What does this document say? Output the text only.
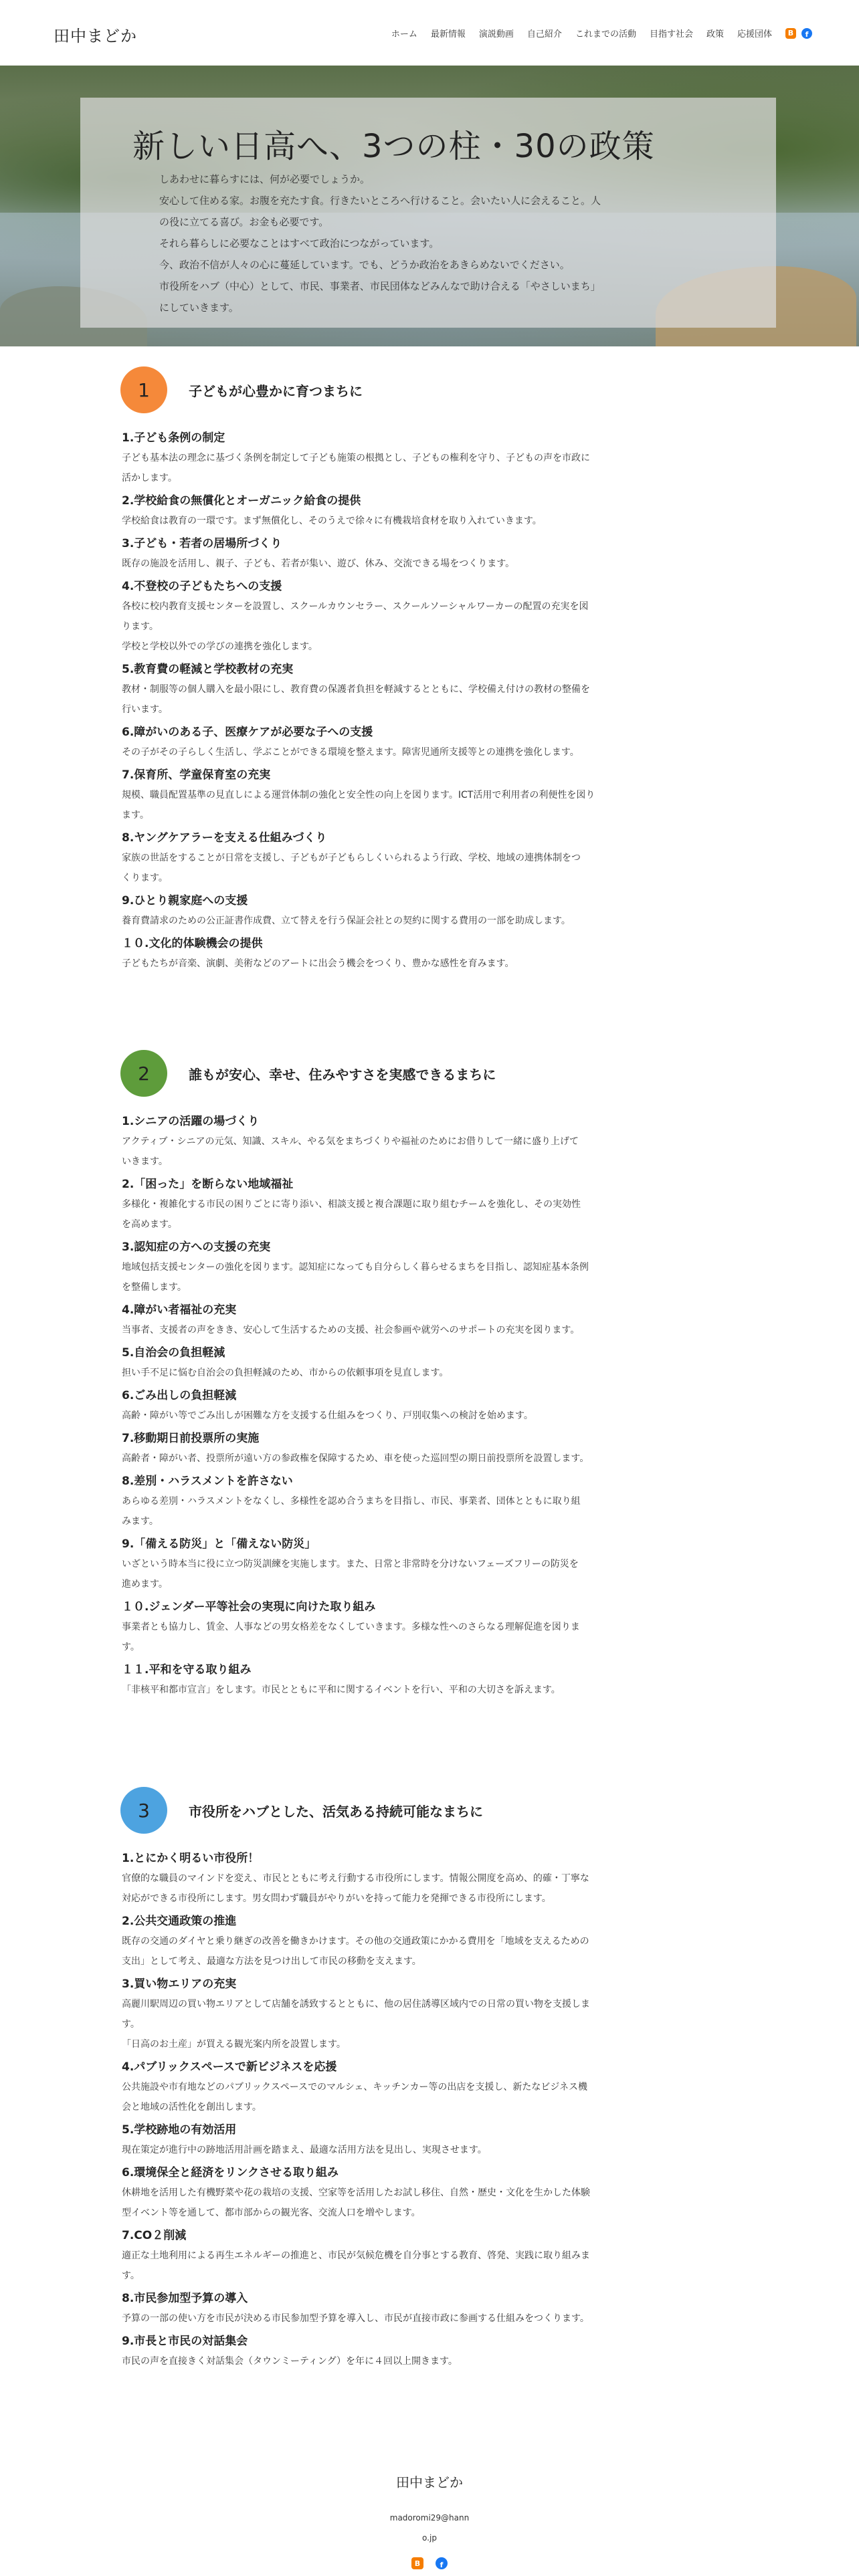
田中まどか	ホーム 最新情報 演説動画 自己紹介 これまでの活動 目指す社会 政策 応援団体	B	f
新しい日高へ、3つの柱・30の政策

しあわせに暮らすには、何が必要でしょうか。

安心して住める家。お腹を充たす食。行きたいところへ行けること。会いたい人に会えること。人

の役に立てる喜び。お金も必要です。

それら暮らしに必要なことはすべて政治につながっています。

今、政治不信が人々の心に蔓延しています。でも、どうか政治をあきらめないでください。

市役所をハブ（中心）として、市民、事業者、市民団体などみんなで助け合える「やさしいまち」

にしていきます。

1	子どもが心豊かに育つまちに
1.子ども条例の制定
子ども基本法の理念に基づく条例を制定して子ども施策の根拠とし、子どもの権利を守り、子どもの声を市政に
活かします。
2.学校給食の無償化とオーガニック給食の提供
学校給食は教育の一環です。まず無償化し、そのうえで徐々に有機栽培食材を取り入れていきます。
3.子ども・若者の居場所づくり
既存の施設を活用し、親子、子ども、若者が集い、遊び、休み、交流できる場をつくります。
4.不登校の子どもたちへの支援
各校に校内教育支援センターを設置し、スクールカウンセラー、スクールソーシャルワーカーの配置の充実を図
ります。
学校と学校以外での学びの連携を強化します。
5.教育費の軽減と学校教材の充実
教材・制服等の個人購入を最小限にし、教育費の保護者負担を軽減するとともに、学校備え付けの教材の整備を
行います。
6.障がいのある子、医療ケアが必要な子への支援
その子がその子らしく生活し、学ぶことができる環境を整えます。障害児通所支援等との連携を強化します。
7.保育所、学童保育室の充実
規模、職員配置基準の見直しによる運営体制の強化と安全性の向上を図ります。ICT活用で利用者の利便性を図り
ます。
8.ヤングケアラーを支える仕組みづくり
家族の世話をすることが日常を支援し、子どもが子どもらしくいられるよう行政、学校、地域の連携体制をつ
くります。
9.ひとり親家庭への支援
養育費請求のための公正証書作成費、立て替えを行う保証会社との契約に関する費用の一部を助成します。
１０.文化的体験機会の提供
子どもたちが音楽、演劇、美術などのアートに出会う機会をつくり、豊かな感性を育みます。
2	誰もが安心、幸せ、住みやすさを実感できるまちに
1.シニアの活躍の場づくり
アクティブ・シニアの元気、知識、スキル、やる気をまちづくりや福祉のためにお借りして一緒に盛り上げて
いきます。
2.「困った」を断らない地域福祉
多様化・複雑化する市民の困りごとに寄り添い、相談支援と複合課題に取り組むチームを強化し、その実効性
を高めます。
3.認知症の方への支援の充実
地域包括支援センターの強化を図ります。認知症になっても自分らしく暮らせるまちを目指し、認知症基本条例
を整備します。
4.障がい者福祉の充実
当事者、支援者の声をきき、安心して生活するための支援、社会参画や就労へのサポートの充実を図ります。
5.自治会の負担軽減
担い手不足に悩む自治会の負担軽減のため、市からの依頼事項を見直します。
6.ごみ出しの負担軽減
高齢・障がい等でごみ出しが困難な方を支援する仕組みをつくり、戸別収集への検討を始めます。
7.移動期日前投票所の実施
高齢者・障がい者、投票所が遠い方の参政権を保障するため、車を使った巡回型の期日前投票所を設置します。
8.差別・ハラスメントを許さない
あらゆる差別・ハラスメントをなくし、多様性を認め合うまちを目指し、市民、事業者、団体とともに取り組
みます。
9.「備える防災」と「備えない防災」
いざという時本当に役に立つ防災訓練を実施します。また、日常と非常時を分けないフェーズフリーの防災を
進めます。
１０.ジェンダー平等社会の実現に向けた取り組み
事業者とも協力し、賃金、人事などの男女格差をなくしていきます。多様な性へのさらなる理解促進を図りま
す。
１１.平和を守る取り組み
「非核平和都市宣言」をします。市民とともに平和に関するイベントを行い、平和の大切さを訴えます。
3	市役所をハブとした、活気ある持続可能なまちに
1.とにかく明るい市役所！
官僚的な職員のマインドを変え、市民とともに考え行動する市役所にします。情報公開度を高め、的確・丁寧な
対応ができる市役所にします。男女問わず職員がやりがいを持って能力を発揮できる市役所にします。
2.公共交通政策の推進
既存の交通のダイヤと乗り継ぎの改善を働きかけます。その他の交通政策にかかる費用を「地域を支えるための
支出」として考え、最適な方法を見つけ出して市民の移動を支えます。
3.買い物エリアの充実
高麗川駅周辺の買い物エリアとして店舗を誘致するとともに、他の居住誘導区域内での日常の買い物を支援しま
す。
「日高のお土産」が買える観光案内所を設置します。
4.パブリックスペースで新ビジネスを応援
公共施設や市有地などのパブリックスペースでのマルシェ、キッチンカー等の出店を支援し、新たなビジネス機
会と地域の活性化を創出します。
5.学校跡地の有効活用
現在策定が進行中の跡地活用計画を踏まえ、最適な活用方法を見出し、実現させます。
6.環境保全と経済をリンクさせる取り組み
休耕地を活用した有機野菜や花の栽培の支援、空家等を活用したお試し移住、自然・歴史・文化を生かした体験
型イベント等を通して、都市部からの観光客、交流人口を増やします。
7.CO２削減
適正な土地利用による再生エネルギーの推進と、市民が気候危機を自分事とする教育、啓発、実践に取り組みま
す。
8.市民参加型予算の導入
予算の一部の使い方を市民が決める市民参加型予算を導入し、市民が直接市政に参画する仕組みをつくります。
9.市長と市民の対話集会
市民の声を直接きく対話集会（タウンミーティング）を年に４回以上開きます。
田中まどか
madoromi29@hanno.jp
B	f
